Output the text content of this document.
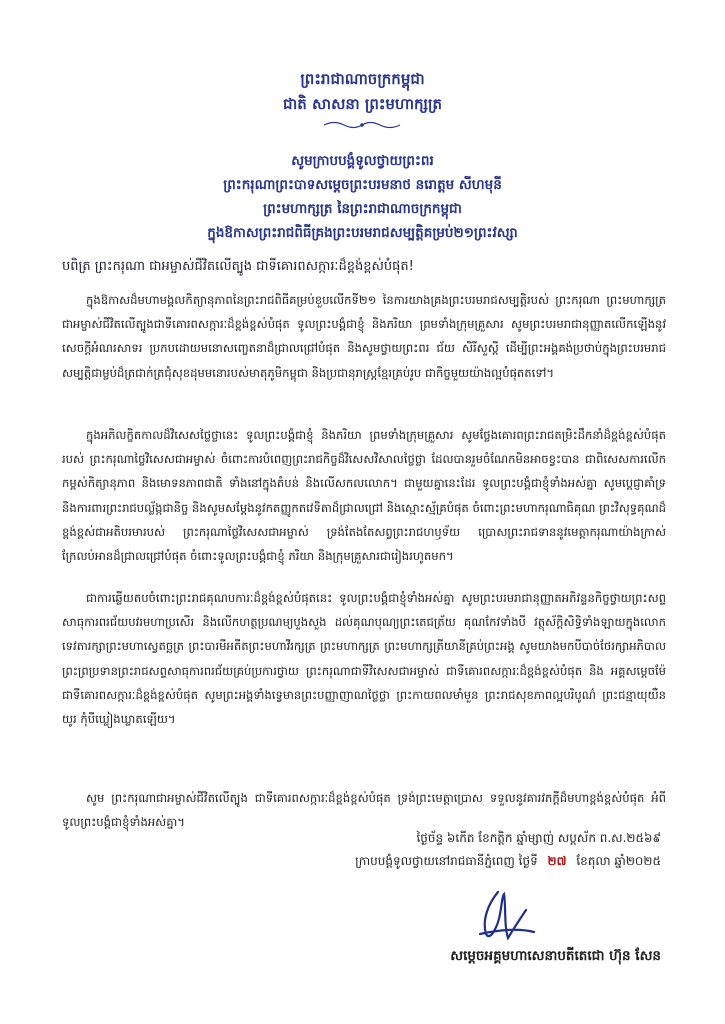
ព្រះរាជាណាចក្រកម្ពុជា
ជាតិ សាសនា ព្រះមហាក្សត្រ
សូមក្រាបបង្គំទូលថ្វាយព្រះពរ
ព្រះករុណាព្រះបាទសម្តេចព្រះបរមនាថ នរោត្តម សីហមុនី
ព្រះមហាក្សត្រ នៃព្រះរាជាណាចក្រកម្ពុជា
ក្នុងឱកាសព្រះរាជពិធីគ្រងព្រះបរមរាជសម្បត្តិគម្រប់២១ព្រះវស្សា
បពិត្រ ព្រះករុណា ជាអម្ចាស់ជីវិតលើត្បូង ជាទីគោរពសក្ការៈដ៏ខ្ពង់ខ្ពស់បំផុត!
ក្នុងឱកាសដ៏មហាមង្គលកិត្យានុភាពនៃព្រះរាជពិធីគម្រប់ខួបលើកទី២១ នៃការយាងគ្រងព្រះបរមរាជសម្បត្តិរបស់ ព្រះករុណា ព្រះមហាក្សត្រ ជាអម្ចាស់ជីវិតលើត្បូងជាទីគោរពសក្ការៈដ៏ខ្ពង់ខ្ពស់បំផុត ទូលព្រះបង្គំជាខ្ញុំ និងភរិយា ព្រមទាំងក្រុមគ្រួសារ សូមព្រះបរមរាជានុញ្ញាតលើកឡើងនូវសេចក្តីអំណរសាទរ ប្រកបដោយមនោសញ្ចេតនាដ៏ជ្រាលជ្រៅបំផុត និងសូមថ្វាយព្រះពរ ជ័យ សិរីសួស្តី ដើម្បីព្រះអង្គគង់ប្រថាប់ក្នុងព្រះបរមរាជសម្បត្តិជាម្លប់ដ៏ត្រជាក់ត្រជុំសុខដុមមនោរបស់មាតុភូមិកម្ពុជា និងប្រជានុរាស្ត្រខ្មែរគ្រប់រូប ជាកិច្ចមួយយ៉ាងល្អបំផុតតទៅ។
ក្នុងអភិលក្ខិតកាលដ៏វិសេសថ្លៃថ្លានេះ ទូលព្រះបង្គំជាខ្ញុំ និងភរិយា ព្រមទាំងក្រុមគ្រួសារ សូមថ្លែងគោរពព្រះរាជតម្រិះដឹកនាំដ៏ខ្ពង់ខ្ពស់បំផុត របស់ ព្រះករុណាថ្លៃវិសេសជាអម្ចាស់ ចំពោះការបំពេញព្រះរាជកិច្ចដ៏វិសេសវិសាលថ្លៃថ្លា ដែលបានរួមចំណែកមិនអាចខ្វះបាន ជាពិសេសការលើកកម្ពស់កិត្យានុភាព និងមោទនភាពជាតិ ទាំងនៅក្នុងតំបន់ និងលើសកលលោក។ ជាមួយគ្នានេះដែរ ទូលព្រះបង្គំជាខ្ញុំទាំងអស់គ្នា សូមប្តេជ្ញាគាំទ្រ និងការពារព្រះរាជបល្ល័ង្កជានិច្ច និងសូមសម្តែងនូវកតញ្ញូកតវេទិតាដ៏ជ្រាលជ្រៅ និងស្មោះស្ម័គ្របំផុត ចំពោះព្រះមហាករុណាធិគុណ ព្រះវិសុទ្ធគុណដ៏ខ្ពង់ខ្ពស់ជាអតិបរមារបស់ ព្រះករុណាថ្លៃវិសេសជាអម្ចាស់ ទ្រង់តែងតែសព្វព្រះរាជហឫទ័យ ប្រោសព្រះរាជទាននូវមេត្តាករុណាយ៉ាងក្រាស់ក្រែលប់អានដ៏ជ្រាលជ្រៅបំផុត ចំពោះទូលព្រះបង្គំជាខ្ញុំ ភរិយា និងក្រុមគ្រួសារជារៀងរហូតមក។
ជាការឆ្លើយតបចំពោះព្រះរាជគុណបការៈដ៏ខ្ពង់ខ្ពស់បំផុតនេះ ទូលព្រះបង្គំជាខ្ញុំទាំងអស់គ្នា សូមព្រះបរមរាជានុញ្ញាតអភិវន្ទនកិច្ចថ្វាយព្រះសព្ទសាធុការពរជ័យបវរមហាប្រសើរ និងលើកហត្ថប្រណម្យបួងសួង ដល់គុណបុណ្យព្រះតេជត្រ័យ គុណកែវទាំងបី វត្ថុស័ក្តិសិទ្ធិទាំងឡាយក្នុងលោក ទេវតារក្សាព្រះមហាស្វេតច្ឆត្រ ព្រះបារមីអតីតព្រះមហាវីរក្សត្រ ព្រះមហាក្សត្រ ព្រះមហាក្សត្រីយានីគ្រប់ព្រះអង្គ សូមយាងមកបីបាច់ថែរក្សាអភិបាលព្រះព្រប្រទានព្រះរាជសព្ទសាធុការពរជ័យគ្រប់ប្រការថ្វាយ ព្រះករុណាជាទីវិសេសជាអម្ចាស់ ជាទីគោរពសក្ការៈដ៏ខ្ពង់ខ្ពស់បំផុត និង អគ្គសម្តេចម៉ែ ជាទីគោរពសក្ការៈដ៏ខ្ពង់ខ្ពស់បំផុត សូមព្រះអង្គទាំងទ្វេមានព្រះបញ្ញាញាណថ្លៃថ្លា ព្រះកាយពលមាំមួន ព្រះរាជសុខភាពល្អបរិបូណ៌ ព្រះជន្មាយុយឺនយូរ កុំបីឃ្លៀងឃ្លាតឡើយ។
សូម ព្រះករុណាជាអម្ចាស់ជីវិតលើត្បូង ជាទីគោរពសក្ការៈដ៏ខ្ពង់ខ្ពស់បំផុត ទ្រង់ព្រះមេត្តាប្រោស ទទួលនូវគារវភក្តីដ៏មហាខ្ពង់ខ្ពស់បំផុត អំពីទូលព្រះបង្គំជាខ្ញុំទាំងអស់គ្នា។
ថ្ងៃច័ន្ទ ៦កើត ខែកត្តិក ឆ្នាំម្សាញ់ សប្តស័ក ព.ស.២៥៦៩
ក្រាបបង្គំទូលថ្វាយនៅរាជធានីភ្នំពេញ ថ្ងៃទី ២៧ ខែតុលា ឆ្នាំ២០២៥
សម្តេចអគ្គមហាសេនាបតីតេជោ ហ៊ុន សែន
